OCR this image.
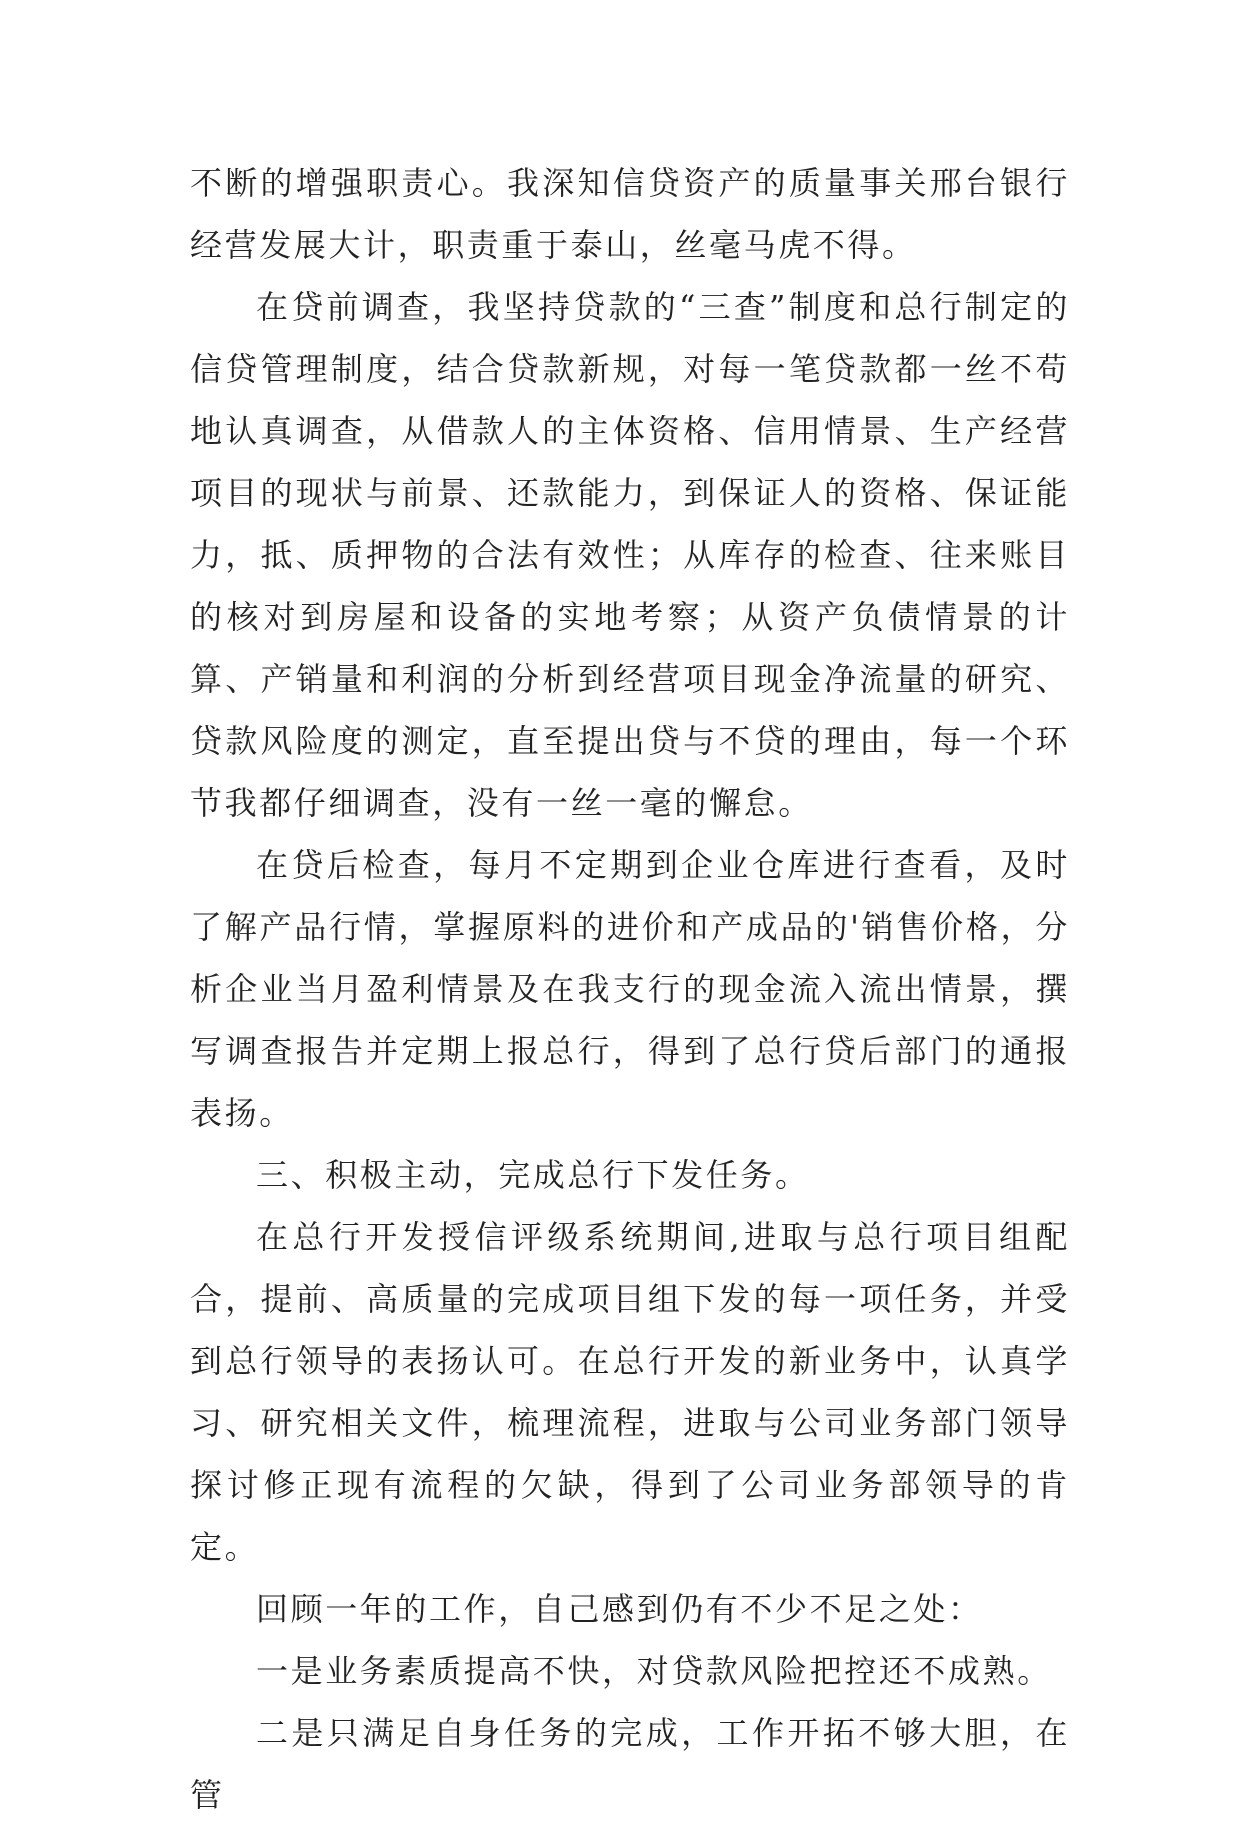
不断的增强职责心。我深知信贷资产的质量事关邢台银行经营发展大计，职责重于泰山，丝毫马虎不得。

在贷前调查，我坚持贷款的“三查”制度和总行制定的信贷管理制度，结合贷款新规，对每一笔贷款都一丝不苟地认真调查，从借款人的主体资格、信用情景、生产经营项目的现状与前景、还款能力，到保证人的资格、保证能力，抵、质押物的合法有效性；从库存的检查、往来账目的核对到房屋和设备的实地考察；从资产负债情景的计算、产销量和利润的分析到经营项目现金净流量的研究、贷款风险度的测定，直至提出贷与不贷的理由，每一个环节我都仔细调查，没有一丝一毫的懈怠。

在贷后检查，每月不定期到企业仓库进行查看，及时了解产品行情，掌握原料的进价和产成品的'销售价格，分析企业当月盈利情景及在我支行的现金流入流出情景，撰写调查报告并定期上报总行，得到了总行贷后部门的通报表扬。

三、积极主动，完成总行下发任务。

在总行开发授信评级系统期间,进取与总行项目组配合，提前、高质量的完成项目组下发的每一项任务，并受到总行领导的表扬认可。在总行开发的新业务中，认真学习、研究相关文件，梳理流程，进取与公司业务部门领导探讨修正现有流程的欠缺，得到了公司业务部领导的肯定。

回顾一年的工作，自己感到仍有不少不足之处：

一是业务素质提高不快，对贷款风险把控还不成熟。

二是只满足自身任务的完成，工作开拓不够大胆，在管
